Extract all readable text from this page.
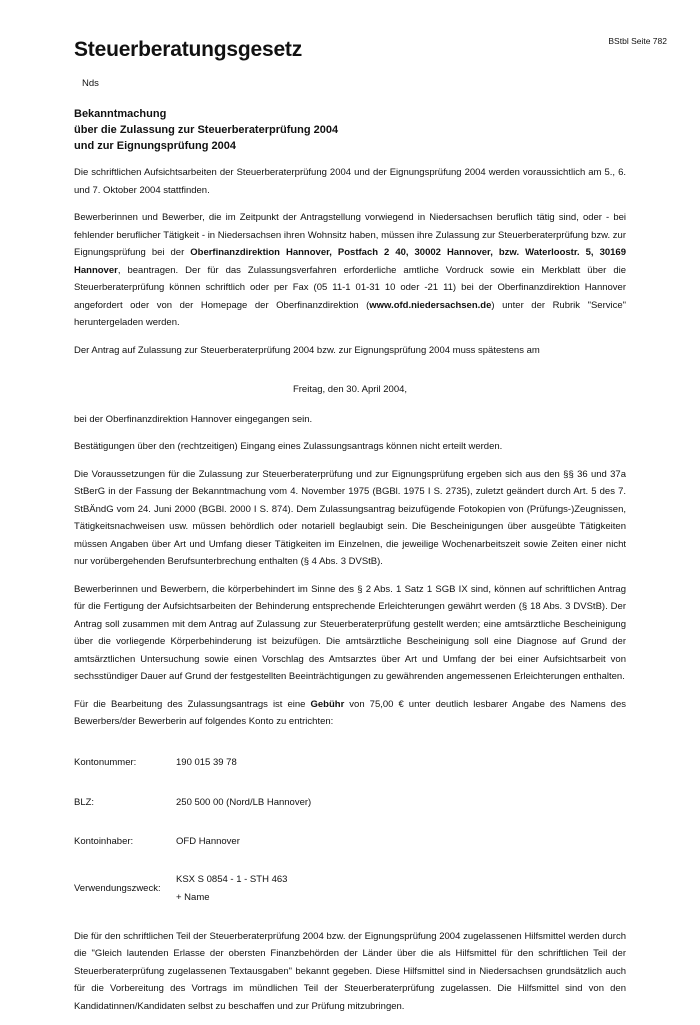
BStbl Seite 782
Steuerberatungsgesetz
Nds
Bekanntmachung
über die Zulassung zur Steuerberaterprüfung 2004
und zur Eignungsprüfung 2004

Die schriftlichen Aufsichtsarbeiten der Steuerberaterprüfung 2004 und der Eignungsprüfung 2004 werden voraussichtlich am 5., 6. und 7. Oktober 2004 stattfinden.

Bewerberinnen und Bewerber, die im Zeitpunkt der Antragstellung vorwiegend in Niedersachsen beruflich tätig sind, oder - bei fehlender beruflicher Tätigkeit - in Niedersachsen ihren Wohnsitz haben, müssen ihre Zulassung zur Steuerberaterprüfung bzw. zur Eignungsprüfung bei der Oberfinanzdirektion Hannover, Postfach 2 40, 30002 Hannover, bzw. Waterloostr. 5, 30169 Hannover, beantragen. Der für das Zulassungsverfahren erforderliche amtliche Vordruck sowie ein Merkblatt über die Steuerberaterprüfung können schriftlich oder per Fax (05 11-1 01-31 10 oder -21 11) bei der Oberfinanzdirektion Hannover angefordert oder von der Homepage der Oberfinanzdirektion (www.ofd.niedersachsen.de) unter der Rubrik "Service" heruntergeladen werden.

Der Antrag auf Zulassung zur Steuerberaterprüfung 2004 bzw. zur Eignungsprüfung 2004 muss spätestens am

Freitag, den 30. April 2004,

bei der Oberfinanzdirektion Hannover eingegangen sein.

Bestätigungen über den (rechtzeitigen) Eingang eines Zulassungsantrags können nicht erteilt werden.

Die Voraussetzungen für die Zulassung zur Steuerberaterprüfung und zur Eignungsprüfung ergeben sich aus den §§ 36 und 37a StBerG in der Fassung der Bekanntmachung vom 4. November 1975 (BGBl. 1975 I S. 2735), zuletzt geändert durch Art. 5 des 7. StBÄndG vom 24. Juni 2000 (BGBl. 2000 I S. 874). Dem Zulassungsantrag beizufügende Fotokopien von (Prüfungs-)Zeugnissen, Tätigkeitsnachweisen usw. müssen behördlich oder notariell beglaubigt sein. Die Bescheinigungen über ausgeübte Tätigkeiten müssen Angaben über Art und Umfang dieser Tätigkeiten im Einzelnen, die jeweilige Wochenarbeitszeit sowie Zeiten einer nicht nur vorübergehenden Berufsunterbrechung enthalten (§ 4 Abs. 3 DVStB).

Bewerberinnen und Bewerbern, die körperbehindert im Sinne des § 2 Abs. 1 Satz 1 SGB IX sind, können auf schriftlichen Antrag für die Fertigung der Aufsichtsarbeiten der Behinderung entsprechende Erleichterungen gewährt werden (§ 18 Abs. 3 DVStB). Der Antrag soll zusammen mit dem Antrag auf Zulassung zur Steuerberaterprüfung gestellt werden; eine amtsärztliche Bescheinigung über die vorliegende Körperbehinderung ist beizufügen. Die amtsärztliche Bescheinigung soll eine Diagnose auf Grund der amtsärztlichen Untersuchung sowie einen Vorschlag des Amtsarztes über Art und Umfang der bei einer Aufsichtsarbeit von sechsstündiger Dauer auf Grund der festgestellten Beeinträchtigungen zu gewährenden angemessenen Erleichterungen enthalten.

Für die Bearbeitung des Zulassungsantrags ist eine Gebühr von 75,00 € unter deutlich lesbarer Angabe des Namens des Bewerbers/der Bewerberin auf folgendes Konto zu entrichten:

Kontonummer:	190 015 39 78
BLZ:	250 500 00 (Nord/LB Hannover)
Kontoinhaber:	OFD Hannover
Verwendungszweck:	KSX S 0854 - 1 - STH 463
+ Name

Die für den schriftlichen Teil der Steuerberaterprüfung 2004 bzw. der Eignungsprüfung 2004 zugelassenen Hilfsmittel werden durch die "Gleich lautenden Erlasse der obersten Finanzbehörden der Länder über die als Hilfsmittel für den schriftlichen Teil der Steuerberaterprüfung zugelassenen Textausgaben" bekannt gegeben. Diese Hilfsmittel sind in Niedersachsen grundsätzlich auch für die Vorbereitung des Vortrags im mündlichen Teil der Steuerberaterprüfung zugelassen. Die Hilfsmittel sind von den Kandidatinnen/Kandidaten selbst zu beschaffen und zur Prüfung mitzubringen.
